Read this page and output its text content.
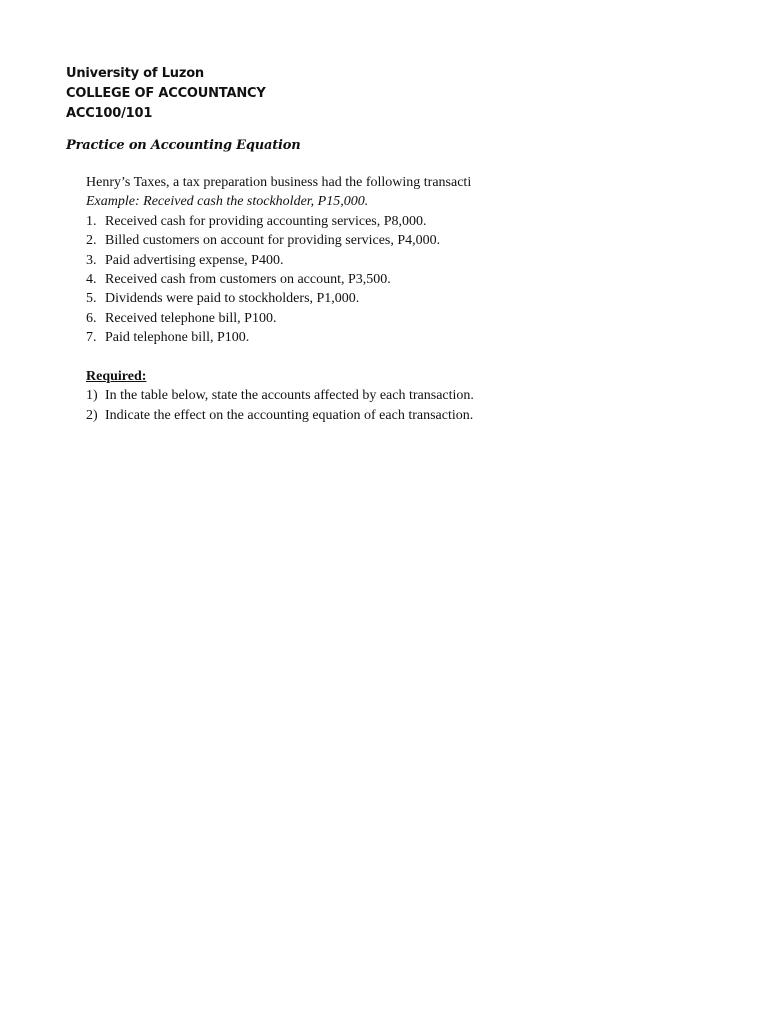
University of Luzon
COLLEGE OF ACCOUNTANCY
ACC100/101
Practice on Accounting Equation
Henry’s Taxes, a tax preparation business had the following transacti
Example: Received cash the stockholder, P15,000.
1. Received cash for providing accounting services, P8,000.
2. Billed customers on account for providing services, P4,000.
3. Paid advertising expense, P400.
4. Received cash from customers on account, P3,500.
5. Dividends were paid to stockholders, P1,000.
6. Received telephone bill, P100.
7. Paid telephone bill, P100.
Required:
1) In the table below, state the accounts affected by each transaction.
2) Indicate the effect on the accounting equation of each transaction.
